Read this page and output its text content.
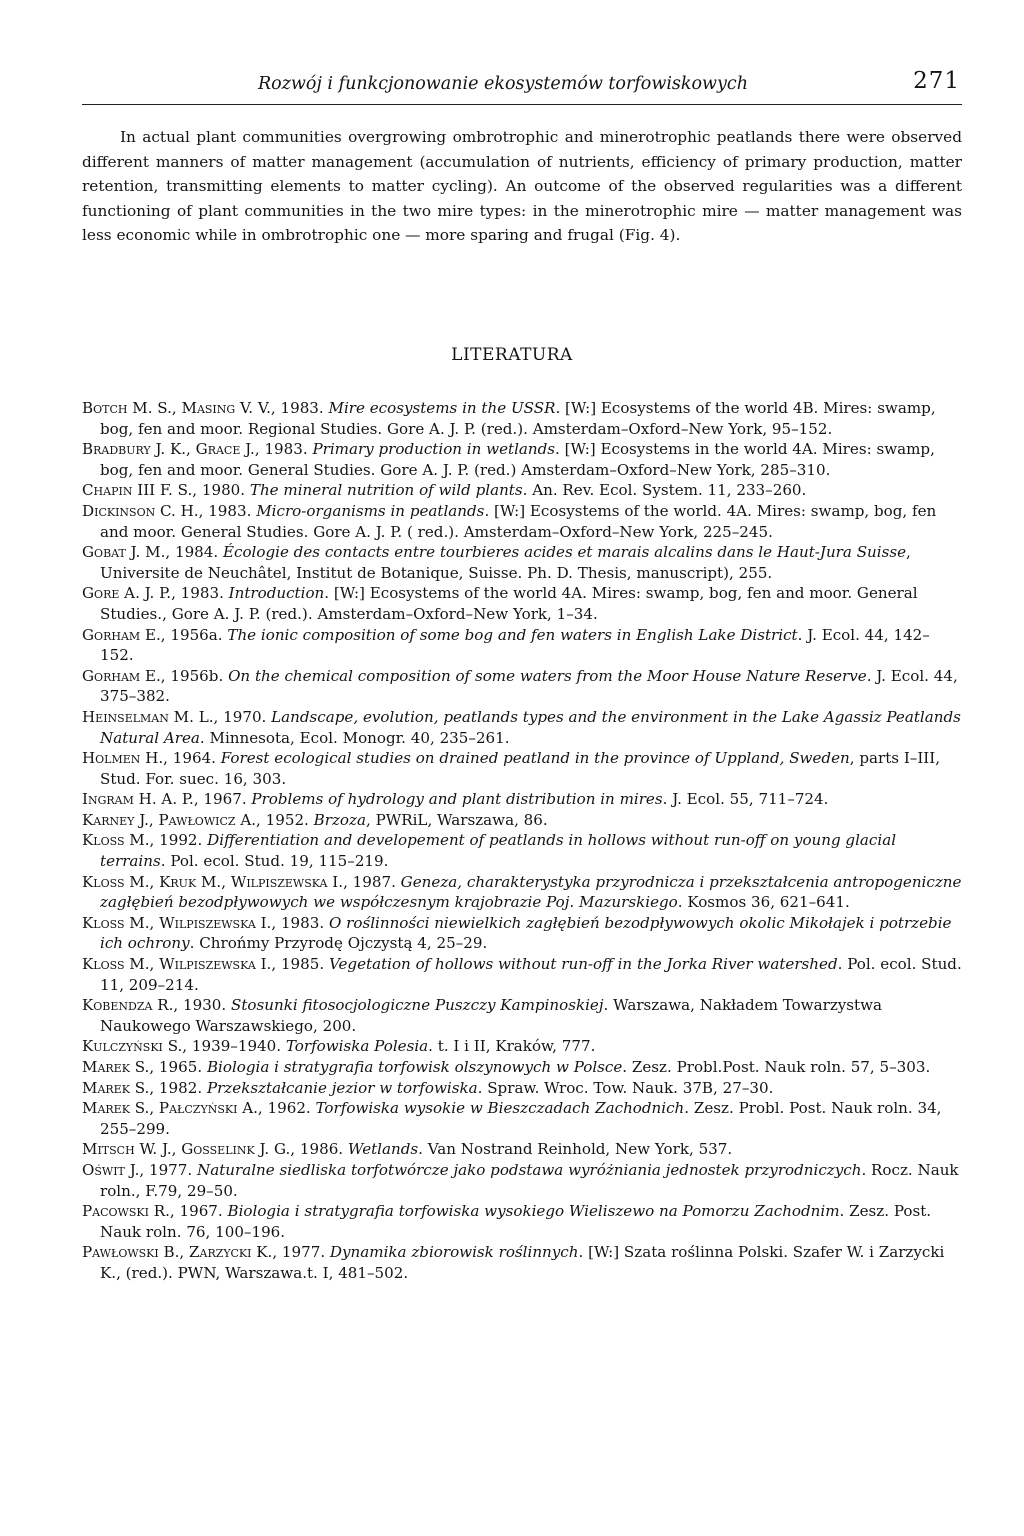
Rozwój i funkcjonowanie ekosystemów torfowiskowych	271

In actual plant communities overgrowing ombrotrophic and minerotrophic peatlands there were observed different manners of matter management (accumulation of nutrients, efficiency of primary production, matter retention, transmitting elements to matter cycling). An outcome of the observed regularities was a different functioning of plant communities in the two mire types: in the minerotrophic mire — matter management was less economic while in ombrotrophic one — more sparing and frugal (Fig. 4).

LITERATURA
Botch M. S., Masing V. V., 1983. Mire ecosystems in the USSR. [W:] Ecosystems of the world 4B. Mires: swamp, bog, fen and moor. Regional Studies. Gore A. J. P. (red.). Amsterdam–Oxford–New York, 95–152.
Bradbury J. K., Grace J., 1983. Primary production in wetlands. [W:] Ecosystems in the world 4A. Mires: swamp, bog, fen and moor. General Studies. Gore A. J. P. (red.) Amsterdam–Oxford–New York, 285–310.
Chapin III F. S., 1980. The mineral nutrition of wild plants. An. Rev. Ecol. System. 11, 233–260.
Dickinson C. H., 1983. Micro-organisms in peatlands. [W:] Ecosystems of the world. 4A. Mires: swamp, bog, fen and moor. General Studies. Gore A. J. P. ( red.). Amsterdam–Oxford–New York, 225–245.
Gobat J. M., 1984. Écologie des contacts entre tourbieres acides et marais alcalins dans le Haut-Jura Suisse, Universite de Neuchâtel, Institut de Botanique, Suisse. Ph. D. Thesis, manuscript), 255.
Gore A. J. P., 1983. Introduction. [W:] Ecosystems of the world 4A. Mires: swamp, bog, fen and moor. General Studies., Gore A. J. P. (red.). Amsterdam–Oxford–New York, 1–34.
Gorham E., 1956a. The ionic composition of some bog and fen waters in English Lake District. J. Ecol. 44, 142–152.
Gorham E., 1956b. On the chemical composition of some waters from the Moor House Nature Reserve. J. Ecol. 44, 375–382.
Heinselman M. L., 1970. Landscape, evolution, peatlands types and the environment in the Lake Agassiz Peatlands Natural Area. Minnesota, Ecol. Monogr. 40, 235–261.
Holmen H., 1964. Forest ecological studies on drained peatland in the province of Uppland, Sweden, parts I–III, Stud. For. suec. 16, 303.
Ingram H. A. P., 1967. Problems of hydrology and plant distribution in mires. J. Ecol. 55, 711–724.
Karney J., Pawłowicz A., 1952. Brzoza, PWRiL, Warszawa, 86.
Kloss M., 1992. Differentiation and developement of peatlands in hollows without run-off on young glacial terrains. Pol. ecol. Stud. 19, 115–219.
Kloss M., Kruk M., Wilpiszewska I., 1987. Geneza, charakterystyka przyrodnicza i przekształcenia antropogeniczne zagłębień bezodpływowych we współczesnym krajobrazie Poj. Mazurskiego. Kosmos 36, 621–641.
Kloss M., Wilpiszewska I., 1983. O roślinności niewielkich zagłębień bezodpływowych okolic Mikołajek i potrzebie ich ochrony. Chrońmy Przyrodę Ojczystą 4, 25–29.
Kloss M., Wilpiszewska I., 1985. Vegetation of hollows without run-off in the Jorka River watershed. Pol. ecol. Stud. 11, 209–214.
Kobendza R., 1930. Stosunki fitosocjologiczne Puszczy Kampinoskiej. Warszawa, Nakładem Towarzystwa Naukowego Warszawskiego, 200.
Kulczyński S., 1939–1940. Torfowiska Polesia. t. I i II, Kraków, 777.
Marek S., 1965. Biologia i stratygrafia torfowisk olszynowych w Polsce. Zesz. Probl.Post. Nauk roln. 57, 5–303.
Marek S., 1982. Przekształcanie jezior w torfowiska. Spraw. Wroc. Tow. Nauk. 37B, 27–30.
Marek S., Pałczyński A., 1962. Torfowiska wysokie w Bieszczadach Zachodnich. Zesz. Probl. Post. Nauk roln. 34, 255–299.
Mitsch W. J., Gosselink J. G., 1986. Wetlands. Van Nostrand Reinhold, New York, 537.
Oświt J., 1977. Naturalne siedliska torfotwórcze jako podstawa wyróżniania jednostek przyrodniczych. Rocz. Nauk roln., F.79, 29–50.
Pacowski R., 1967. Biologia i stratygrafia torfowiska wysokiego Wieliszewo na Pomorzu Zachodnim. Zesz. Post. Nauk roln. 76, 100–196.
Pawłowski B., Zarzycki K., 1977. Dynamika zbiorowisk roślinnych. [W:] Szata roślinna Polski. Szafer W. i Zarzycki K., (red.). PWN, Warszawa.t. I, 481–502.
